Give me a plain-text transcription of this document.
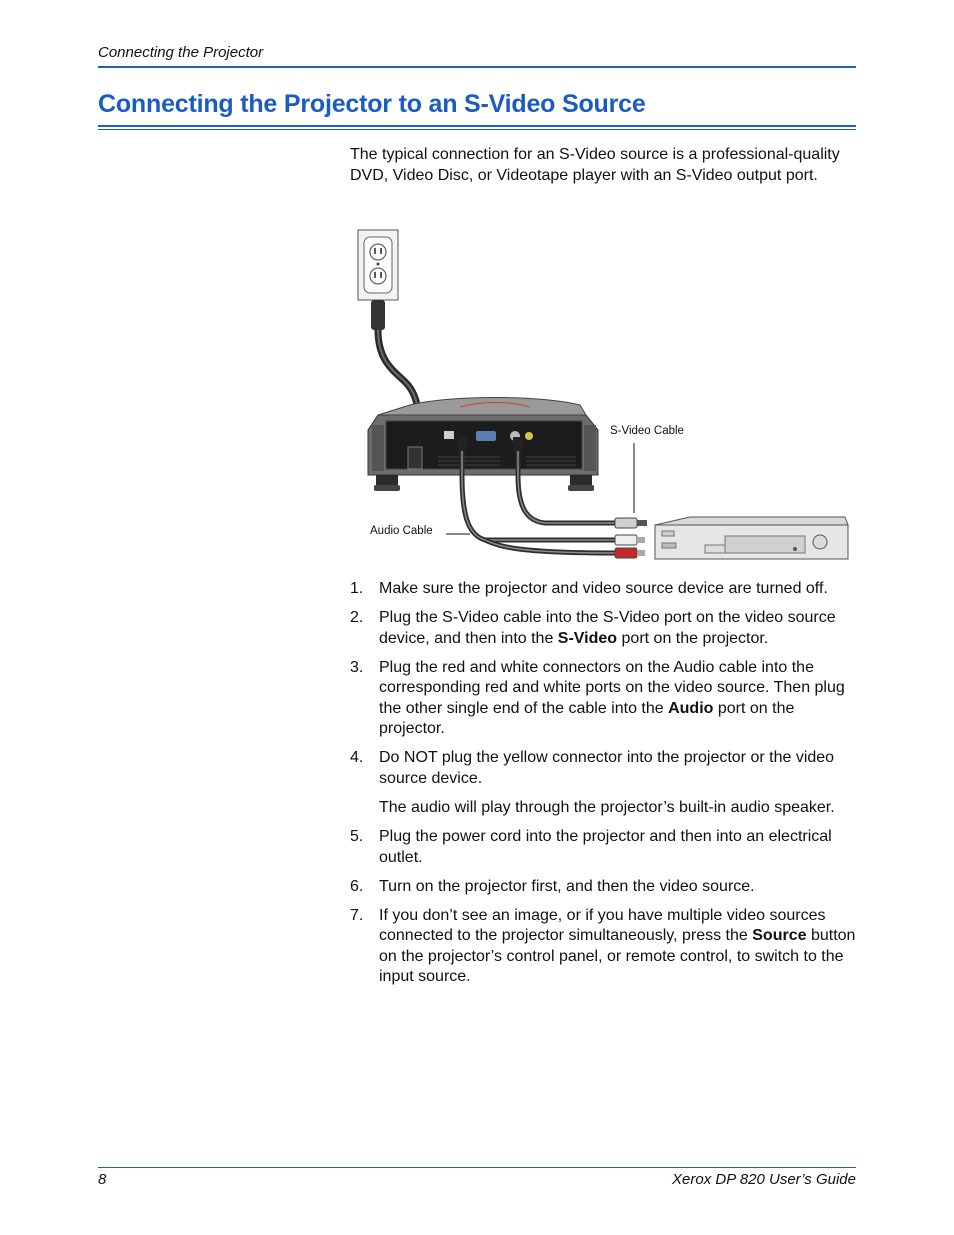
Connecting the Projector
Connecting the Projector to an S-Video Source

The typical connection for an S-Video source is a professional-quality DVD, Video Disc, or Videotape player with an S-Video output port.

S-Video Cable
Audio Cable
1. Make sure the projector and video source device are turned off.
2. Plug the S-Video cable into the S-Video port on the video source device, and then into the S-Video port on the projector.
3. Plug the red and white connectors on the Audio cable into the corresponding red and white ports on the video source. Then plug the other single end of the cable into the Audio port on the projector.
4. Do NOT plug the yellow connector into the projector or the video source device.
The audio will play through the projector’s built-in audio speaker.
5. Plug the power cord into the projector and then into an electrical outlet.
6. Turn on the projector first, and then the video source.
7. If you don’t see an image, or if you have multiple video sources connected to the projector simultaneously, press the Source button on the projector’s control panel, or remote control, to switch to the input source.
8	Xerox DP 820 User’s Guide
